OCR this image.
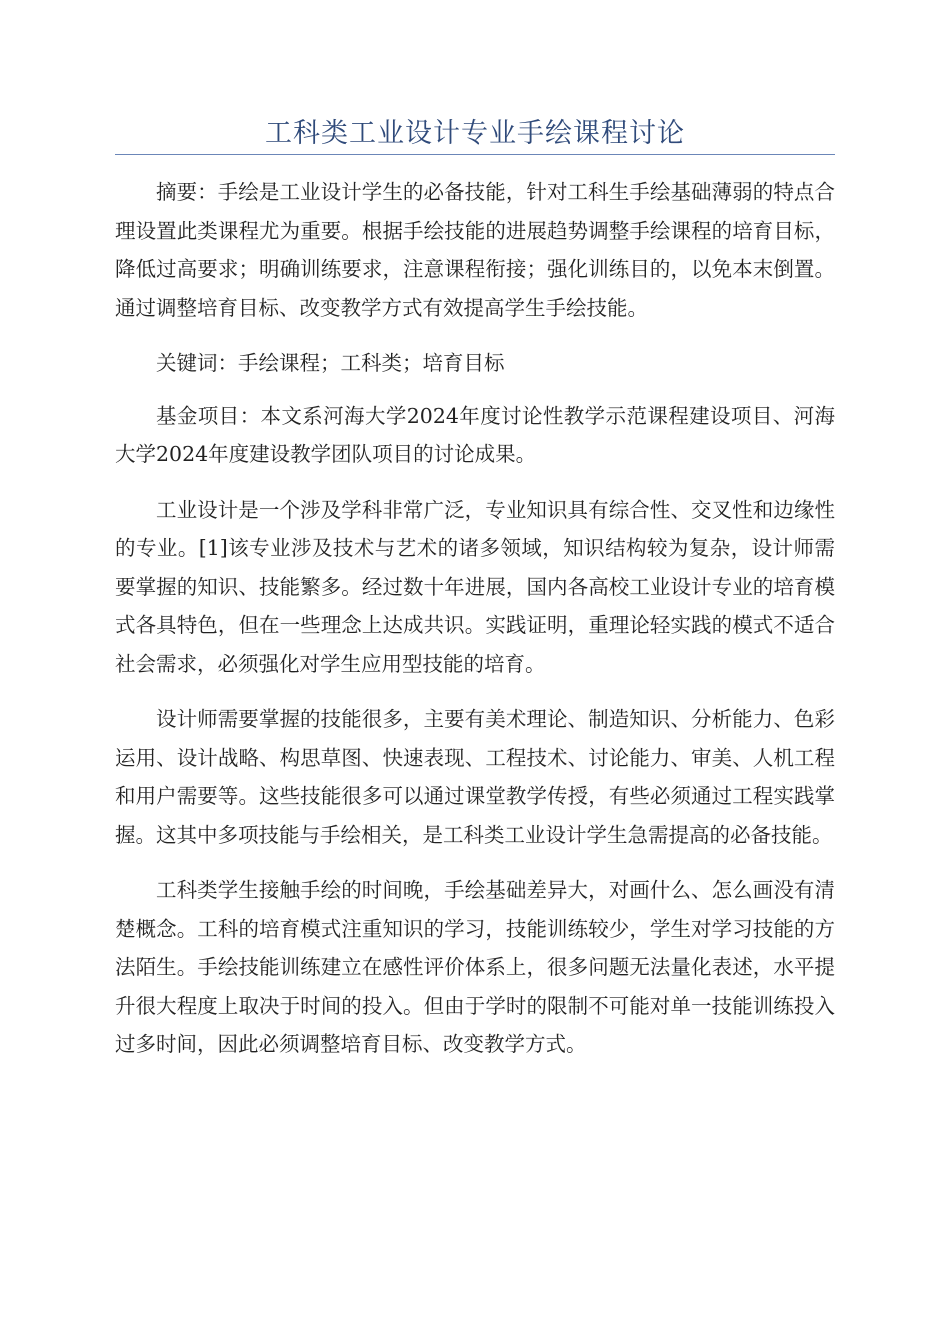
工科类工业设计专业手绘课程讨论

摘要：手绘是工业设计学生的必备技能，针对工科生手绘基础薄弱的特点合理设置此类课程尤为重要。根据手绘技能的进展趋势调整手绘课程的培育目标，降低过高要求；明确训练要求，注意课程衔接；强化训练目的，以免本末倒置。通过调整培育目标、改变教学方式有效提高学生手绘技能。

关键词：手绘课程；工科类；培育目标

基金项目：本文系河海大学2024年度讨论性教学示范课程建设项目、河海大学2024年度建设教学团队项目的讨论成果。

工业设计是一个涉及学科非常广泛，专业知识具有综合性、交叉性和边缘性的专业。[1]该专业涉及技术与艺术的诸多领域，知识结构较为复杂，设计师需要掌握的知识、技能繁多。经过数十年进展，国内各高校工业设计专业的培育模式各具特色，但在一些理念上达成共识。实践证明，重理论轻实践的模式不适合社会需求，必须强化对学生应用型技能的培育。

设计师需要掌握的技能很多，主要有美术理论、制造知识、分析能力、色彩运用、设计战略、构思草图、快速表现、工程技术、讨论能力、审美、人机工程和用户需要等。这些技能很多可以通过课堂教学传授，有些必须通过工程实践掌握。这其中多项技能与手绘相关，是工科类工业设计学生急需提高的必备技能。

工科类学生接触手绘的时间晚，手绘基础差异大，对画什么、怎么画没有清楚概念。工科的培育模式注重知识的学习，技能训练较少，学生对学习技能的方法陌生。手绘技能训练建立在感性评价体系上，很多问题无法量化表述，水平提升很大程度上取决于时间的投入。但由于学时的限制不可能对单一技能训练投入过多时间，因此必须调整培育目标、改变教学方式。
